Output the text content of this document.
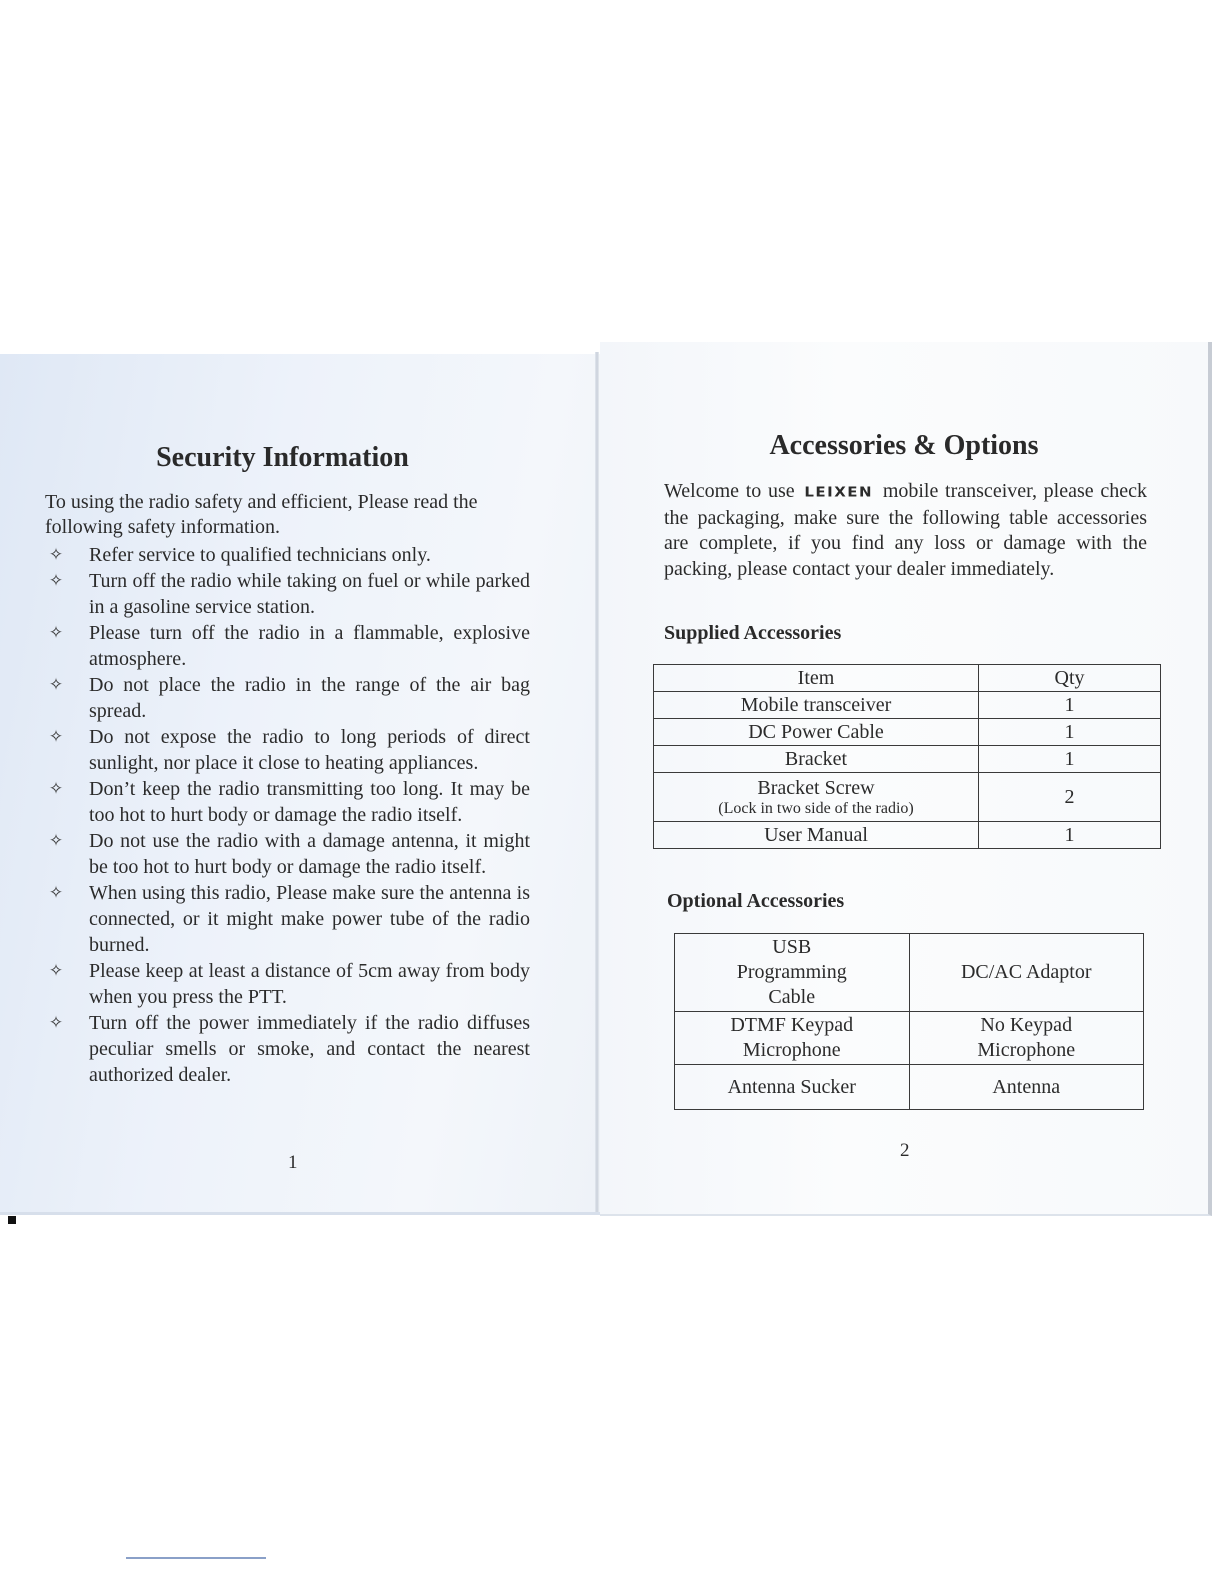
Security Information
To using the radio safety and efficient, Please read the following safety information.
✧ Refer service to qualified technicians only.
✧ Turn off the radio while taking on fuel or while parked in a gasoline service station.
✧ Please turn off the radio in a flammable, explosive atmosphere.
✧ Do not place the radio in the range of the air bag spread.
✧ Do not expose the radio to long periods of direct sunlight, nor place it close to heating appliances.
✧ Don’t keep the radio transmitting too long. It may be too hot to hurt body or damage the radio itself.
✧ Do not use the radio with a damage antenna, it might be too hot to hurt body or damage the radio itself.
✧ When using this radio, Please make sure the antenna is connected, or it might make power tube of the radio burned.
✧ Please keep at least a distance of 5cm away from body when you press the PTT.
✧ Turn off the power immediately if the radio diffuses peculiar smells or smoke, and contact the nearest authorized dealer.
1
Accessories & Options
Welcome to use LEIXEN mobile transceiver, please check the packaging, make sure the following table accessories are complete, if you find any loss or damage with the packing, please contact your dealer immediately.
Supplied Accessories
Item	Qty
Mobile transceiver	1
DC Power Cable	1
Bracket	1

Bracket Screw
(Lock in two side of the radio)	2
User Manual	1
Optional Accessories
USB Programming Cable	DC/AC Adaptor
DTMF Keypad Microphone	No Keypad Microphone
Antenna Sucker	Antenna
2
